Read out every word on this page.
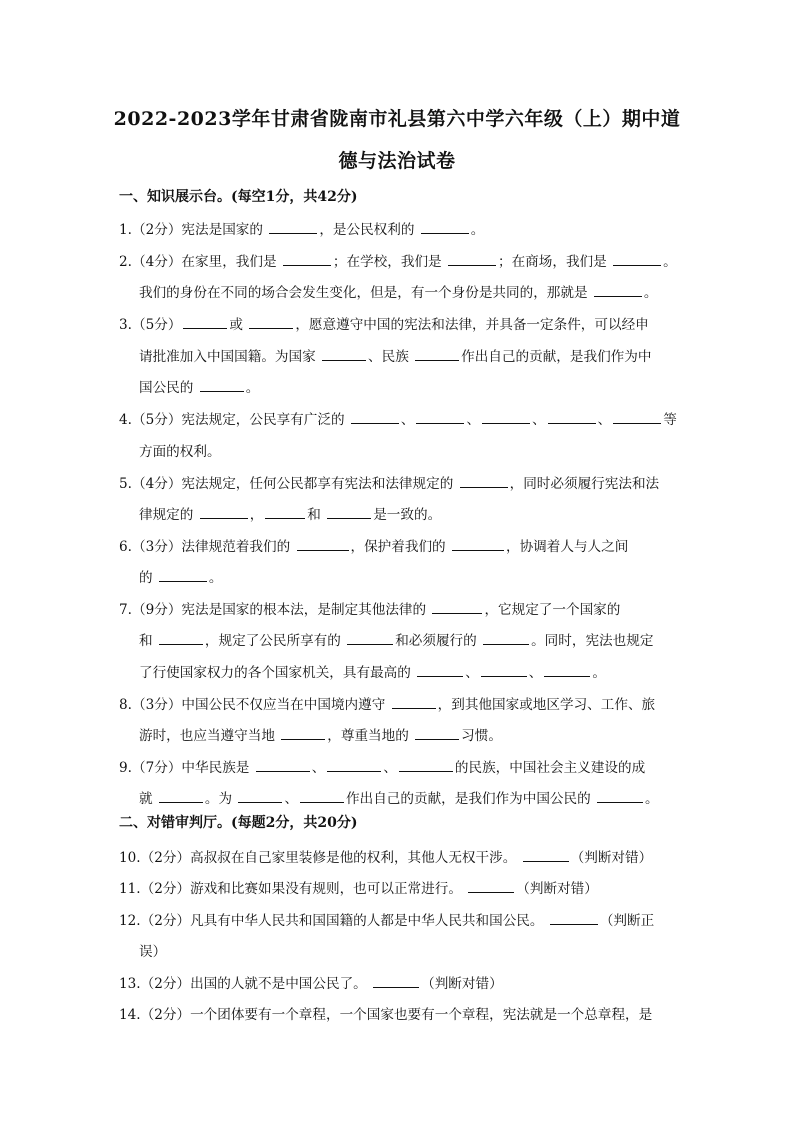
2022-2023学年甘肃省陇南市礼县第六中学六年级（上）期中道
德与法治试卷
一、知识展示台。(每空1分，共42分)
1.（2分）宪法是国家的	，是公民权利的	。
2.（4分）在家里，我们是	；在学校，我们是	；在商场，我们是	。
我们的身份在不同的场合会发生变化，但是，有一个身份是共同的，那就是	。
3.（5分）	或	，愿意遵守中国的宪法和法律，并具备一定条件，可以经申
请批准加入中国国籍。为国家	、民族	作出自己的贡献，是我们作为中
国公民的	。
4.（5分）宪法规定，公民享有广泛的	、	、	、	、	等
方面的权利。
5.（4分）宪法规定，任何公民都享有宪法和法律规定的	，同时必须履行宪法和法
律规定的	，	和	是一致的。
6.（3分）法律规范着我们的	，保护着我们的	，协调着人与人之间
的	。
7.（9分）宪法是国家的根本法，是制定其他法律的	，它规定了一个国家的
和	，规定了公民所享有的	和必须履行的	。同时，宪法也规定
了行使国家权力的各个国家机关，具有最高的	、	、	。
8.（3分）中国公民不仅应当在中国境内遵守	，到其他国家或地区学习、工作、旅
游时，也应当遵守当地	，尊重当地的	习惯。
9.（7分）中华民族是	、	、	的民族，中国社会主义建设的成
就	。为	、	作出自己的贡献，是我们作为中国公民的	。
10.（2分）高叔叔在自己家里装修是他的权利，其他人无权干涉。	（判断对错）
11.（2分）游戏和比赛如果没有规则，也可以正常进行。	（判断对错）
12.（2分）凡具有中华人民共和国国籍的人都是中华人民共和国公民。	（判断正
误）
13.（2分）出国的人就不是中国公民了。	（判断对错）
14.（2分）一个团体要有一个章程，一个国家也要有一个章程，宪法就是一个总章程，是
二、对错审判厅。(每题2分，共20分)
